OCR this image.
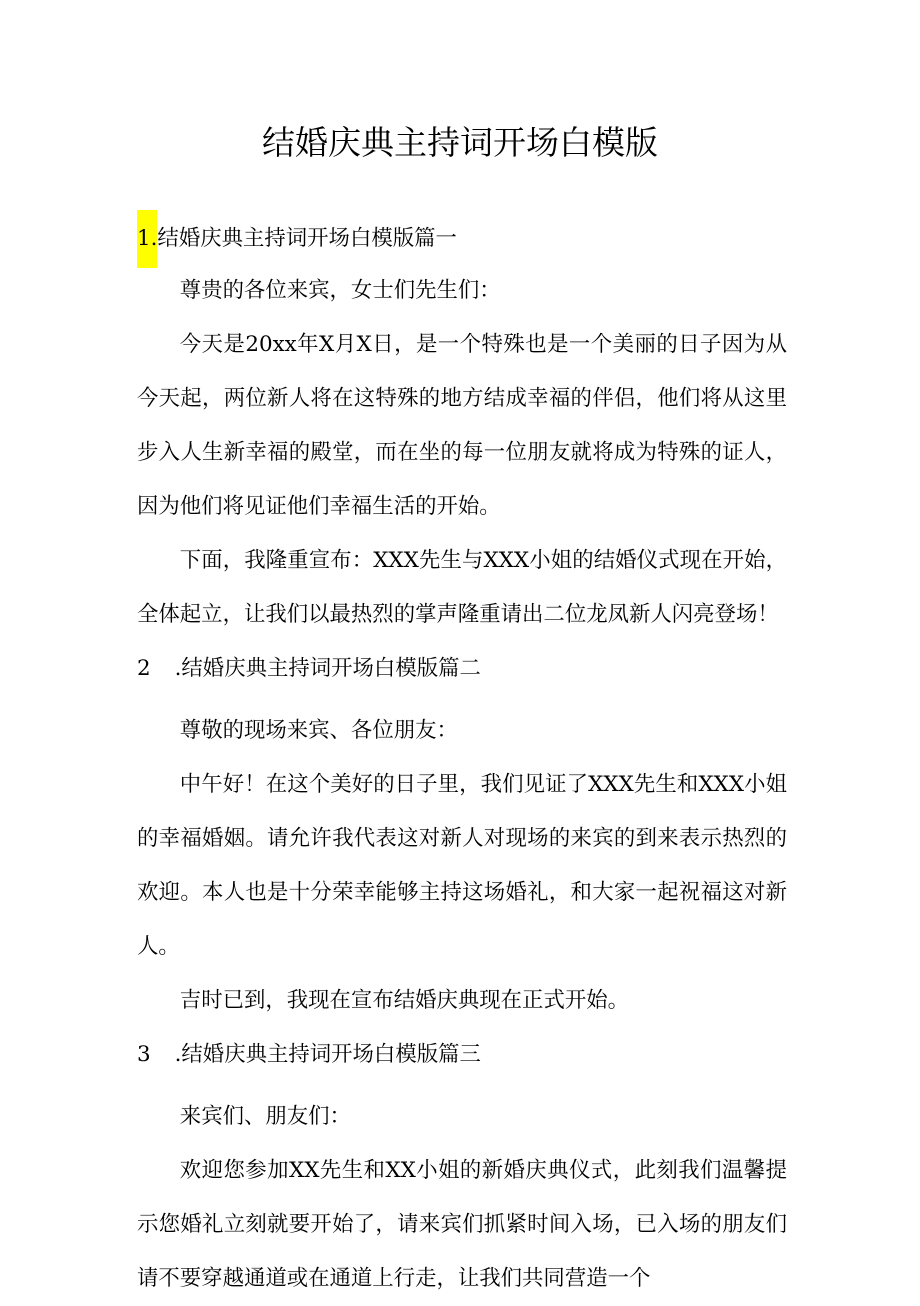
结婚庆典主持词开场白模版
1.结婚庆典主持词开场白模版篇一

尊贵的各位来宾，女士们先生们：

今天是20xx年X月X日，是一个特殊也是一个美丽的日子因为从今天起，两位新人将在这特殊的地方结成幸福的伴侣，他们将从这里步入人生新幸福的殿堂，而在坐的每一位朋友就将成为特殊的证人，因为他们将见证他们幸福生活的开始。

下面，我隆重宣布：XXX先生与XXX小姐的结婚仪式现在开始，全体起立，让我们以最热烈的掌声隆重请出二位龙凤新人闪亮登场！

2 .结婚庆典主持词开场白模版篇二

尊敬的现场来宾、各位朋友：

中午好！在这个美好的日子里，我们见证了XXX先生和XXX小姐的幸福婚姻。请允许我代表这对新人对现场的来宾的到来表示热烈的欢迎。本人也是十分荣幸能够主持这场婚礼，和大家一起祝福这对新人。

吉时已到，我现在宣布结婚庆典现在正式开始。

3 .结婚庆典主持词开场白模版篇三

来宾们、朋友们：

欢迎您参加XX先生和XX小姐的新婚庆典仪式，此刻我们温馨提示您婚礼立刻就要开始了，请来宾们抓紧时间入场，已入场的朋友们请不要穿越通道或在通道上行走，让我们共同营造一个
